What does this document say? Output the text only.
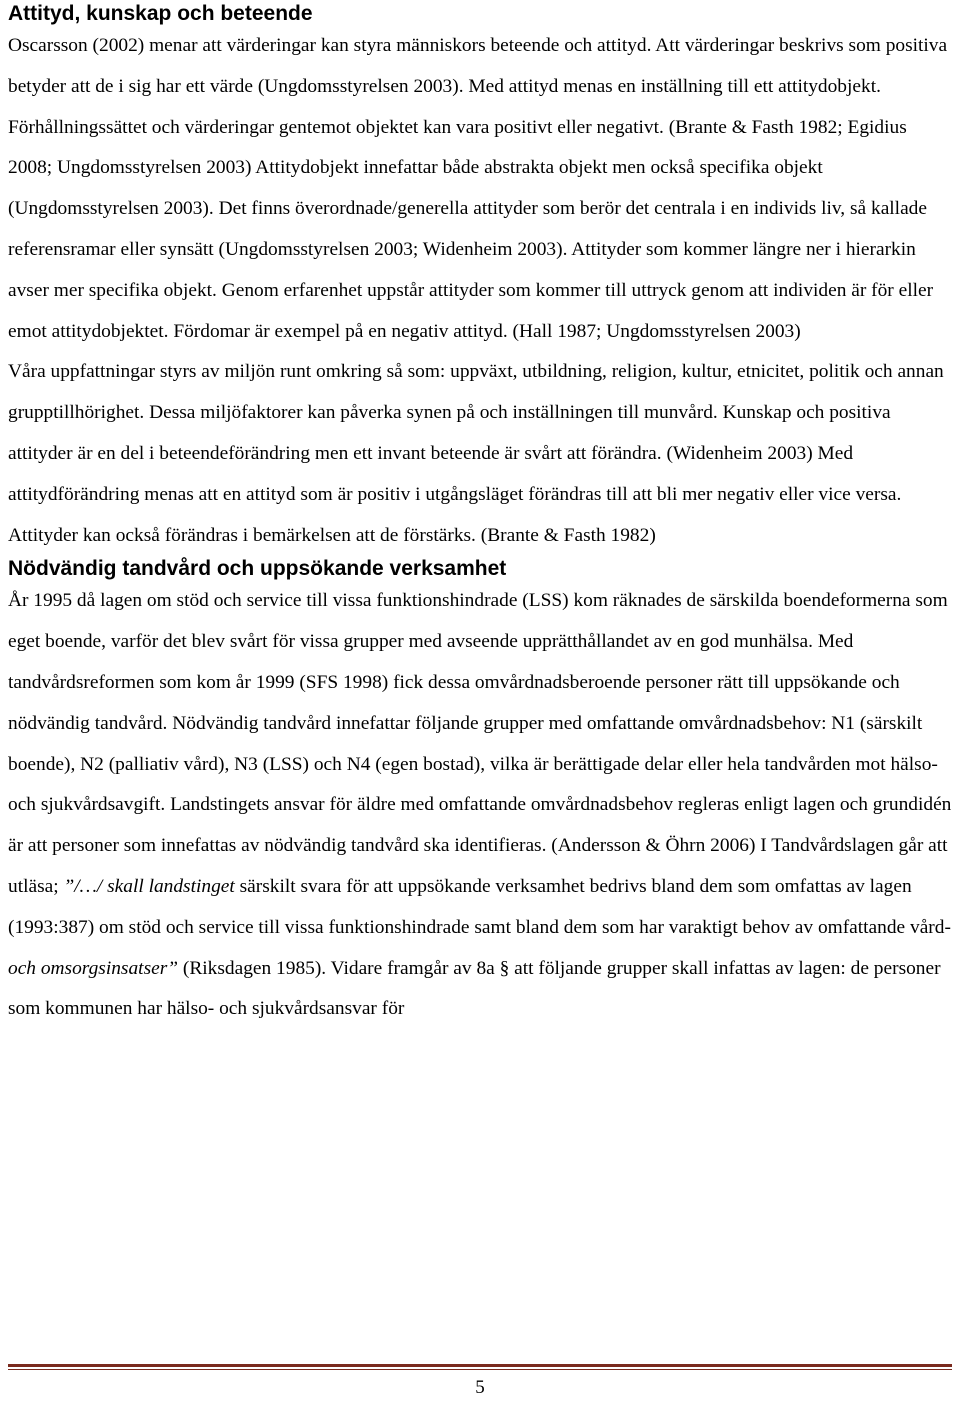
Attityd, kunskap och beteende

Oscarsson (2002) menar att värderingar kan styra människors beteende och attityd. Att värderingar beskrivs som positiva betyder att de i sig har ett värde (Ungdomsstyrelsen 2003). Med attityd menas en inställning till ett attitydobjekt. Förhållningssättet och värderingar gentemot objektet kan vara positivt eller negativt. (Brante & Fasth 1982; Egidius 2008; Ungdomsstyrelsen 2003) Attitydobjekt innefattar både abstrakta objekt men också specifika objekt (Ungdomsstyrelsen 2003). Det finns överordnade/generella attityder som berör det centrala i en individs liv, så kallade referensramar eller synsätt (Ungdomsstyrelsen 2003; Widenheim 2003). Attityder som kommer längre ner i hierarkin avser mer specifika objekt. Genom erfarenhet uppstår attityder som kommer till uttryck genom att individen är för eller emot attitydobjektet. Fördomar är exempel på en negativ attityd. (Hall 1987; Ungdomsstyrelsen 2003)

Våra uppfattningar styrs av miljön runt omkring så som: uppväxt, utbildning, religion, kultur, etnicitet, politik och annan grupptillhörighet. Dessa miljöfaktorer kan påverka synen på och inställningen till munvård. Kunskap och positiva attityder är en del i beteendeförändring men ett invant beteende är svårt att förändra. (Widenheim 2003) Med attitydförändring menas att en attityd som är positiv i utgångsläget förändras till att bli mer negativ eller vice versa. Attityder kan också förändras i bemärkelsen att de förstärks. (Brante & Fasth 1982)

Nödvändig tandvård och uppsökande verksamhet

År 1995 då lagen om stöd och service till vissa funktionshindrade (LSS) kom räknades de särskilda boendeformerna som eget boende, varför det blev svårt för vissa grupper med avseende upprätthållandet av en god munhälsa. Med tandvårdsreformen som kom år 1999 (SFS 1998) fick dessa omvårdnadsberoende personer rätt till uppsökande och nödvändig tandvård. Nödvändig tandvård innefattar följande grupper med omfattande omvårdnadsbehov: N1 (särskilt boende), N2 (palliativ vård), N3 (LSS) och N4 (egen bostad), vilka är berättigade delar eller hela tandvården mot hälso- och sjukvårdsavgift. Landstingets ansvar för äldre med omfattande omvårdnadsbehov regleras enligt lagen och grundidén är att personer som innefattas av nödvändig tandvård ska identifieras. (Andersson & Öhrn 2006) I Tandvårdslagen går att utläsa; ”/…/ skall landstinget särskilt svara för att uppsökande verksamhet bedrivs bland dem som omfattas av lagen (1993:387) om stöd och service till vissa funktionshindrade samt bland dem som har varaktigt behov av omfattande vård- och omsorgsinsatser” (Riksdagen 1985). Vidare framgår av 8a § att följande grupper skall infattas av lagen: de personer som kommunen har hälso- och sjukvårdsansvar för

5
